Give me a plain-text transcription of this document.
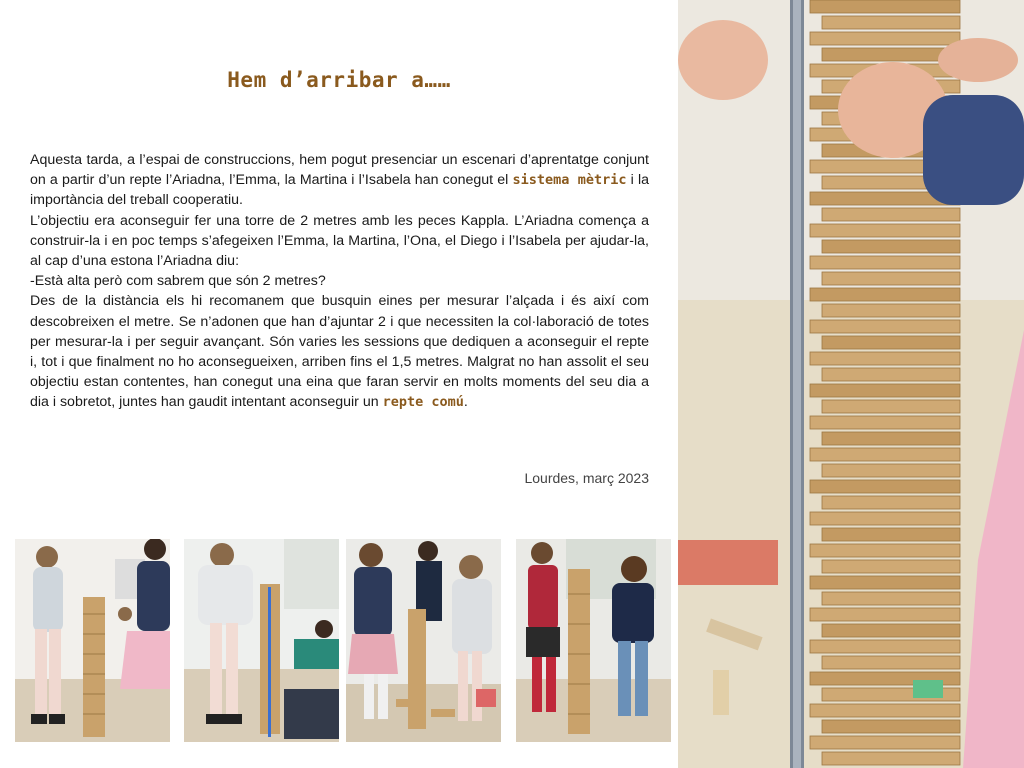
Hem d’arribar a……

Aquesta tarda, a l’espai de construccions, hem pogut presenciar un escenari d’aprentatge conjunt on a partir d’un repte l’Ariadna, l’Emma, la Martina i l’Isabela han conegut el sistema mètric i la importància del treball cooperatiu.

L’objectiu era aconseguir fer una torre de 2 metres amb les peces Kappla. L’Ariadna comença a construir-la i en poc temps s’afegeixen l’Emma, la Martina, l’Ona, el Diego i l’Isabela per ajudar-la, al cap d’una estona l’Ariadna diu:

-Està alta però com sabrem que són 2 metres?

Des de la distància els hi recomanem que busquin eines per mesurar l’alçada i és així com descobreixen el metre. Se n’adonen que han d’ajuntar 2 i que necessiten la col·laboració de totes per mesurar-la i per seguir avançant. Són varies les sessions que dediquen a aconseguir el repte i, tot i que finalment no ho aconsegueixen, arriben fins el 1,5 metres. Malgrat no han assolit el seu objectiu estan contentes, han conegut una eina que faran servir en molts moments del seu dia a dia i sobretot, juntes han gaudit intentant aconseguir un repte comú.

Lourdes, març 2023
